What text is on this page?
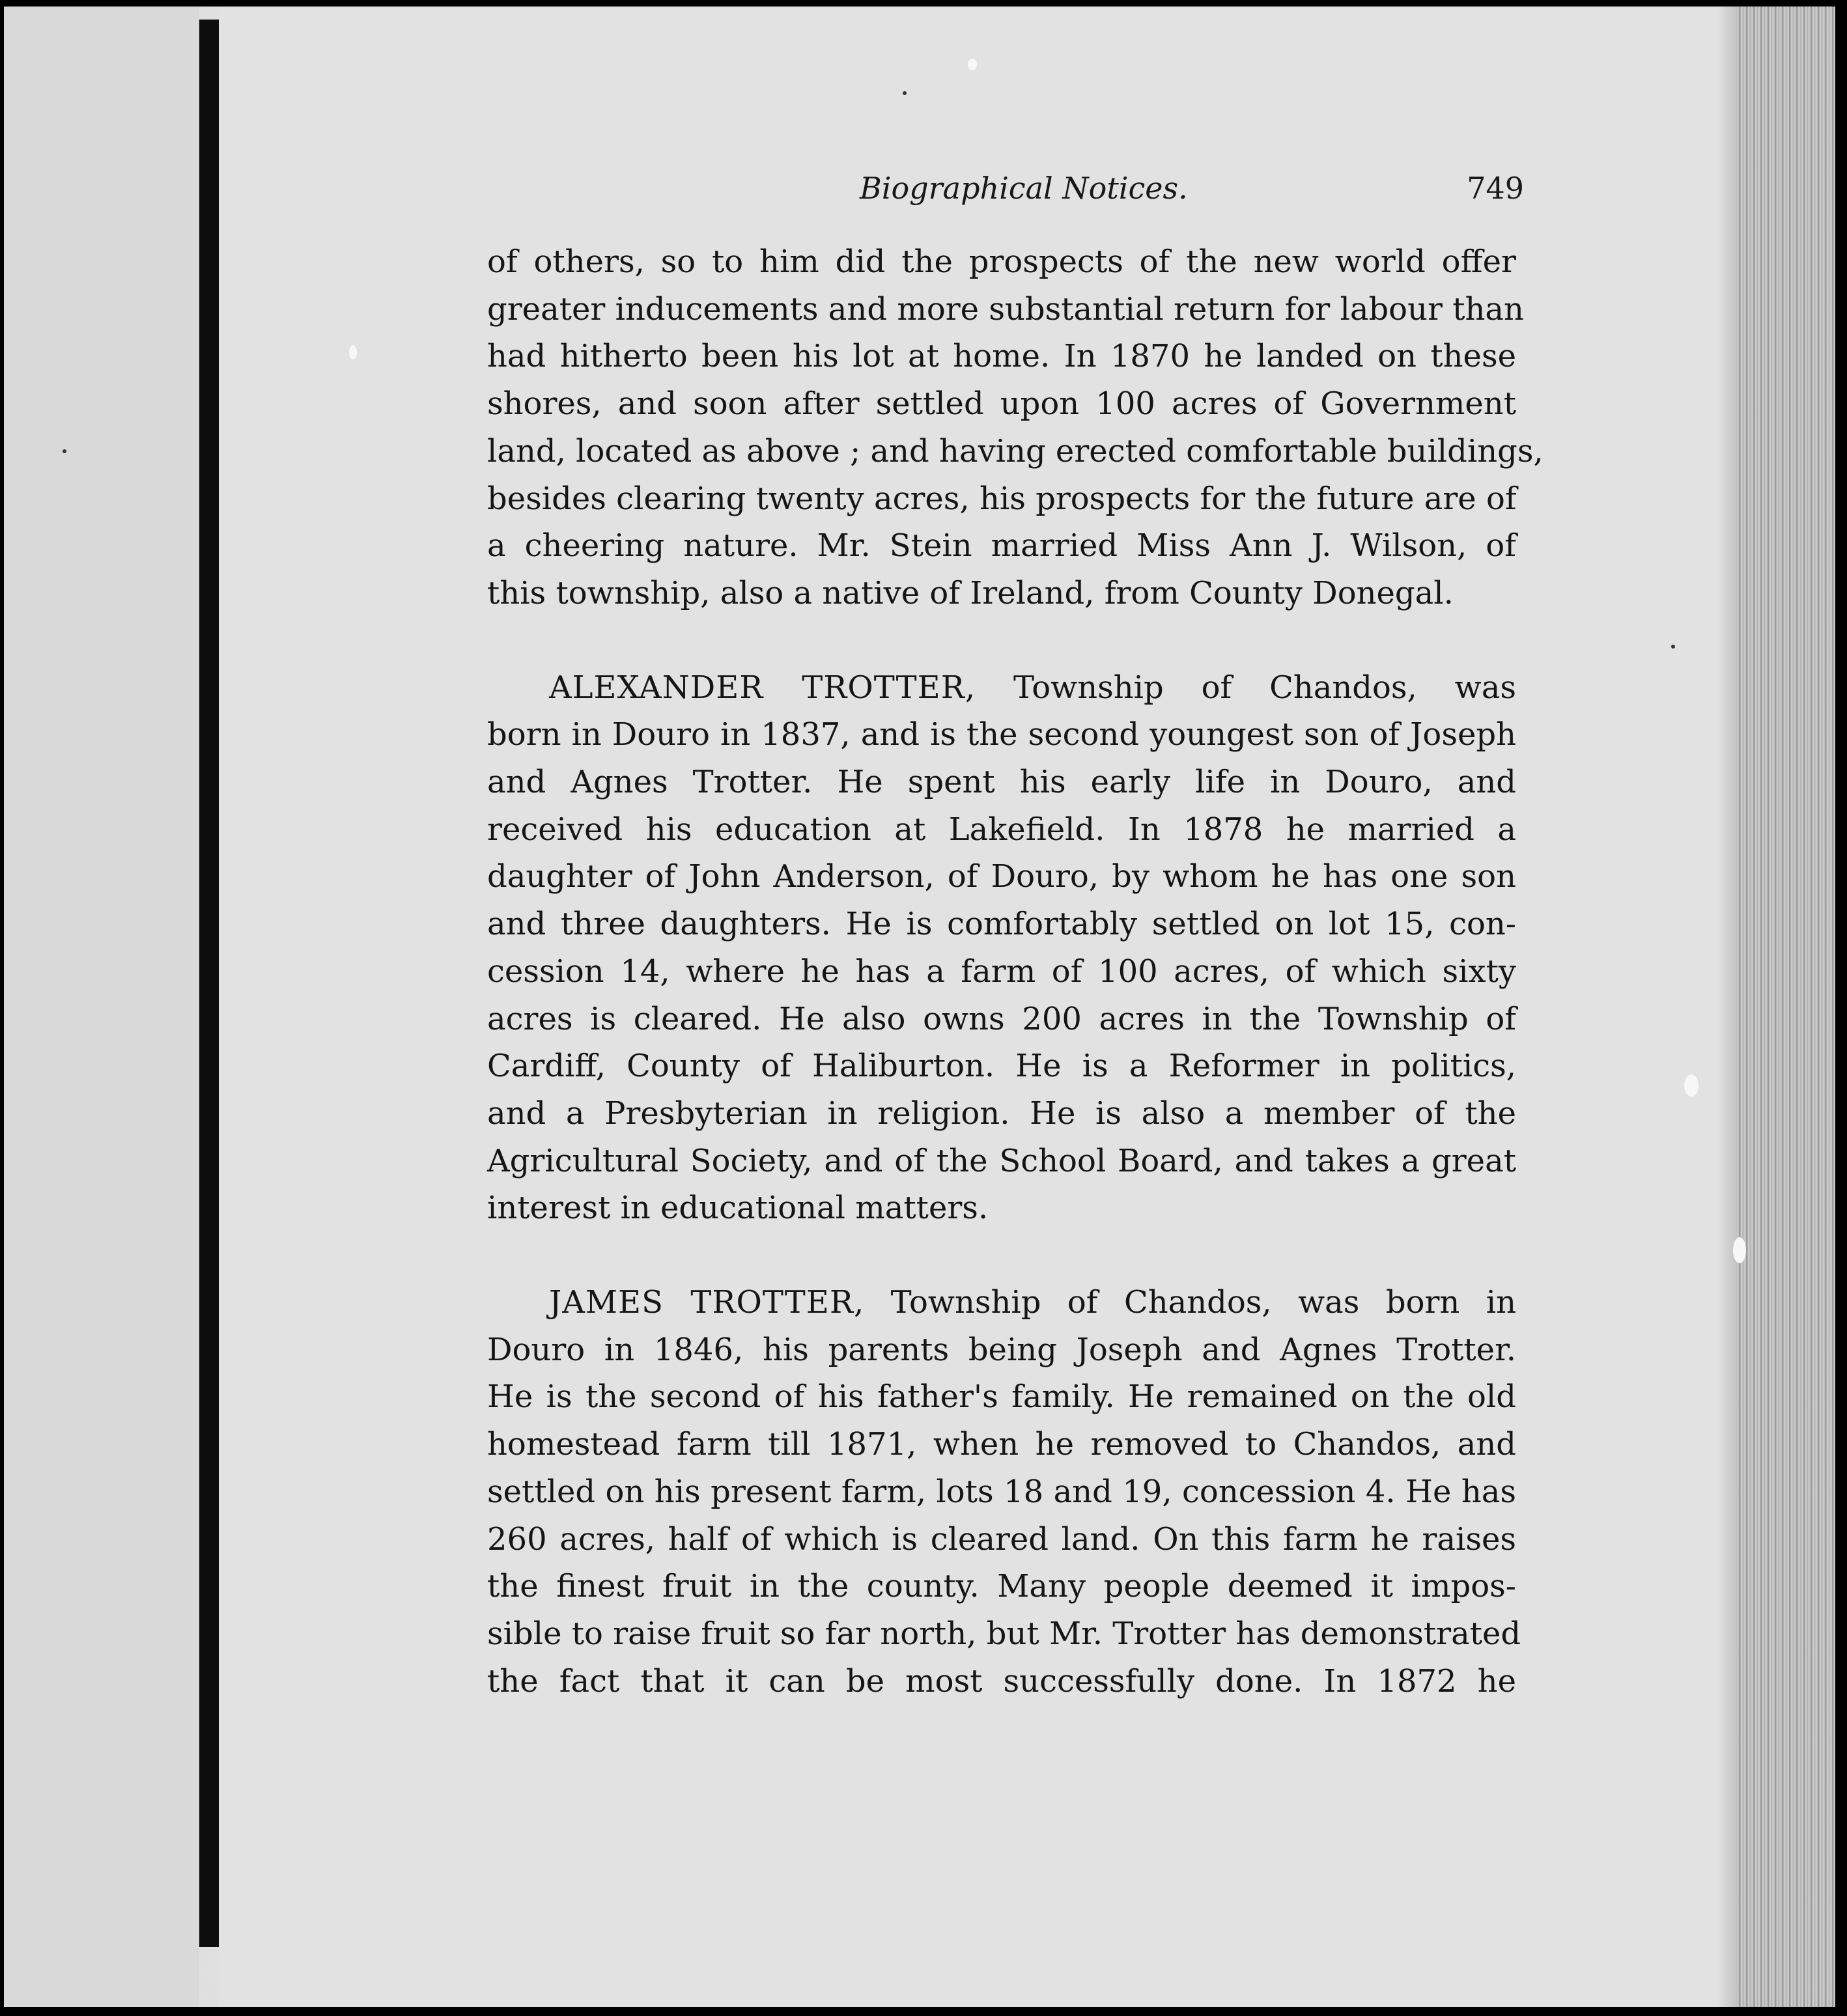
Biographical Notices.	749
of others, so to him did the prospects of the new world offer
greater inducements and more substantial return for labour than
had hitherto been his lot at home. In 1870 he landed on these
shores, and soon after settled upon 100 acres of Government
land, located as above ; and having erected comfortable buildings,
besides clearing twenty acres, his prospects for the future are of
a cheering nature. Mr. Stein married Miss Ann J. Wilson, of
this township, also a native of Ireland, from County Donegal.
ALEXANDER TROTTER, Township of Chandos, was
born in Douro in 1837, and is the second youngest son of Joseph
and Agnes Trotter. He spent his early life in Douro, and
received his education at Lakefield. In 1878 he married a
daughter of John Anderson, of Douro, by whom he has one son
and three daughters. He is comfortably settled on lot 15, con-
cession 14, where he has a farm of 100 acres, of which sixty
acres is cleared. He also owns 200 acres in the Township of
Cardiff, County of Haliburton. He is a Reformer in politics,
and a Presbyterian in religion. He is also a member of the
Agricultural Society, and of the School Board, and takes a great
interest in educational matters.
JAMES TROTTER, Township of Chandos, was born in
Douro in 1846, his parents being Joseph and Agnes Trotter.
He is the second of his father's family. He remained on the old
homestead farm till 1871, when he removed to Chandos, and
settled on his present farm, lots 18 and 19, concession 4. He has
260 acres, half of which is cleared land. On this farm he raises
the finest fruit in the county. Many people deemed it impos-
sible to raise fruit so far north, but Mr. Trotter has demonstrated
the fact that it can be most successfully done. In 1872 he
